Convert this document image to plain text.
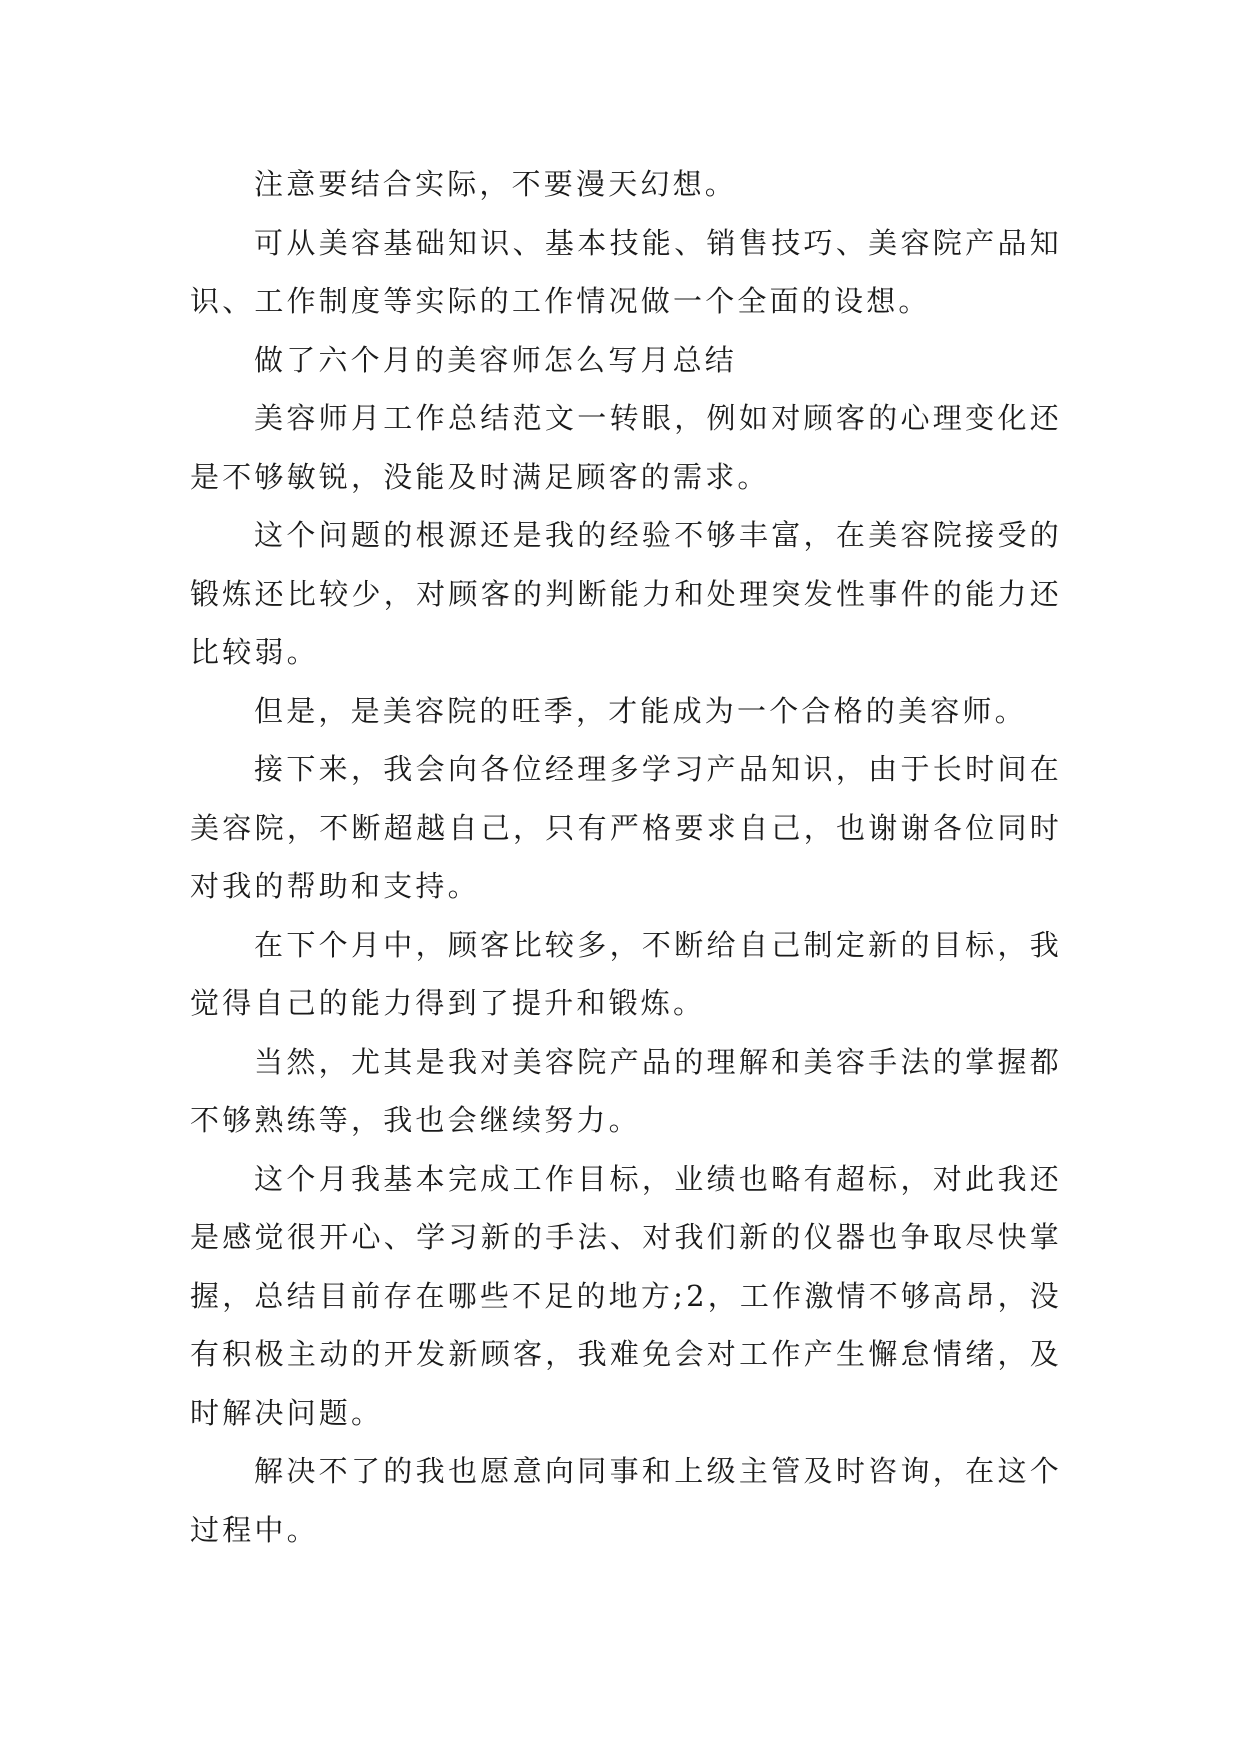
注意要结合实际，不要漫天幻想。

可从美容基础知识、基本技能、销售技巧、美容院产品知识、工作制度等实际的工作情况做一个全面的设想。

做了六个月的美容师怎么写月总结

美容师月工作总结范文一转眼，例如对顾客的心理变化还是不够敏锐，没能及时满足顾客的需求。

这个问题的根源还是我的经验不够丰富，在美容院接受的锻炼还比较少，对顾客的判断能力和处理突发性事件的能力还比较弱。

但是，是美容院的旺季，才能成为一个合格的美容师。

接下来，我会向各位经理多学习产品知识，由于长时间在美容院，不断超越自己，只有严格要求自己，也谢谢各位同时对我的帮助和支持。

在下个月中，顾客比较多，不断给自己制定新的目标，我觉得自己的能力得到了提升和锻炼。

当然，尤其是我对美容院产品的理解和美容手法的掌握都不够熟练等，我也会继续努力。

这个月我基本完成工作目标，业绩也略有超标，对此我还是感觉很开心、学习新的手法、对我们新的仪器也争取尽快掌握，总结目前存在哪些不足的地方;2，工作激情不够高昂，没有积极主动的开发新顾客，我难免会对工作产生懈怠情绪，及时解决问题。

解决不了的我也愿意向同事和上级主管及时咨询，在这个过程中。
